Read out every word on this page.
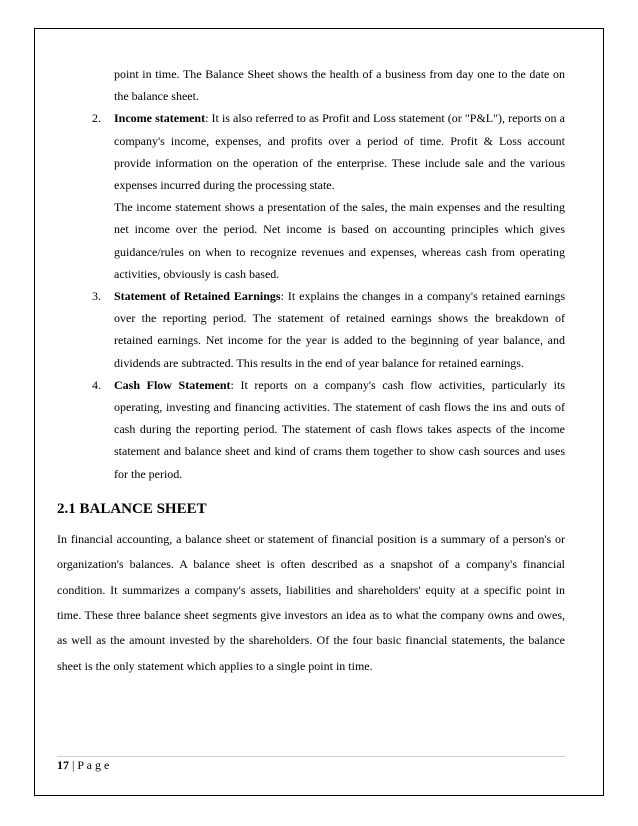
point in time. The Balance Sheet shows the health of a business from day one to the date on the balance sheet.

2. Income statement: It is also referred to as Profit and Loss statement (or "P&L"), reports on a company's income, expenses, and profits over a period of time. Profit & Loss account provide information on the operation of the enterprise. These include sale and the various expenses incurred during the processing state.

The income statement shows a presentation of the sales, the main expenses and the resulting net income over the period. Net income is based on accounting principles which gives guidance/rules on when to recognize revenues and expenses, whereas cash from operating activities, obviously is cash based.

3. Statement of Retained Earnings: It explains the changes in a company's retained earnings over the reporting period. The statement of retained earnings shows the breakdown of retained earnings. Net income for the year is added to the beginning of year balance, and dividends are subtracted. This results in the end of year balance for retained earnings.

4. Cash Flow Statement: It reports on a company's cash flow activities, particularly its operating, investing and financing activities. The statement of cash flows the ins and outs of cash during the reporting period. The statement of cash flows takes aspects of the income statement and balance sheet and kind of crams them together to show cash sources and uses for the period.

2.1 BALANCE SHEET

In financial accounting, a balance sheet or statement of financial position is a summary of a person's or organization's balances. A balance sheet is often described as a snapshot of a company's financial condition. It summarizes a company's assets, liabilities and shareholders' equity at a specific point in time. These three balance sheet segments give investors an idea as to what the company owns and owes, as well as the amount invested by the shareholders. Of the four basic financial statements, the balance sheet is the only statement which applies to a single point in time.

17 | P a g e
